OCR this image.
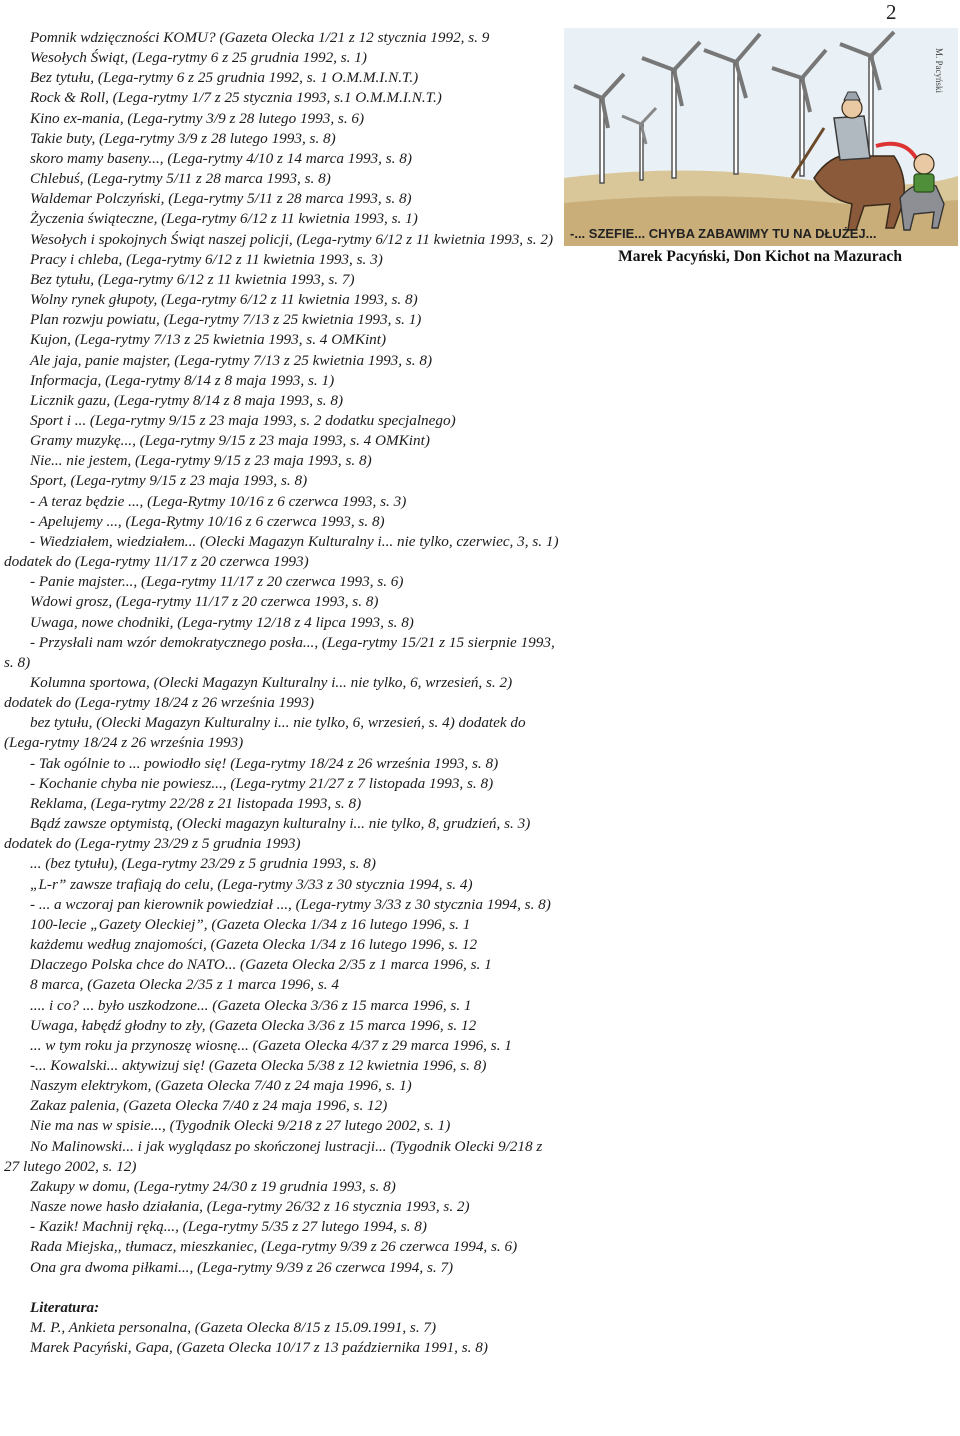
2

Pomnik wdzięczności KOMU? (Gazeta Olecka 1/21 z 12 stycznia 1992, s. 9

Wesołych Świąt, (Lega-rytmy 6 z 25 grudnia 1992, s. 1)

Bez tytułu, (Lega-rytmy 6 z 25 grudnia 1992, s. 1 O.M.M.I.N.T.)

Rock & Roll, (Lega-rytmy 1/7 z 25 stycznia 1993, s.1 O.M.M.I.N.T.)

Kino ex-mania, (Lega-rytmy 3/9 z 28 lutego 1993, s. 6)

Takie buty, (Lega-rytmy 3/9 z 28 lutego 1993, s. 8)

skoro mamy baseny..., (Lega-rytmy 4/10 z 14 marca 1993, s. 8)

Chlebuś, (Lega-rytmy 5/11 z 28 marca 1993, s. 8)

Waldemar Polczyński, (Lega-rytmy 5/11 z 28 marca 1993, s. 8)

Życzenia świąteczne, (Lega-rytmy 6/12 z 11 kwietnia 1993, s. 1)

Wesołych i spokojnych Świąt naszej policji, (Lega-rytmy 6/12 z 11 kwietnia 1993, s. 2)

Pracy i chleba, (Lega-rytmy 6/12 z 11 kwietnia 1993, s. 3)

Bez tytułu, (Lega-rytmy 6/12 z 11 kwietnia 1993, s. 7)

Wolny rynek głupoty, (Lega-rytmy 6/12 z 11 kwietnia 1993, s. 8)

Plan rozwju powiatu, (Lega-rytmy 7/13 z 25 kwietnia 1993, s. 1)

Kujon, (Lega-rytmy 7/13 z 25 kwietnia 1993, s. 4 OMKint)

Ale jaja, panie majster, (Lega-rytmy 7/13 z 25 kwietnia 1993, s. 8)

Informacja, (Lega-rytmy 8/14 z 8 maja 1993, s. 1)

Licznik gazu, (Lega-rytmy 8/14 z 8 maja 1993, s. 8)

Sport i ... (Lega-rytmy 9/15 z 23 maja 1993, s. 2 dodatku specjalnego)

Gramy muzykę..., (Lega-rytmy 9/15 z 23 maja 1993, s. 4 OMKint)

Nie... nie jestem, (Lega-rytmy 9/15 z 23 maja 1993, s. 8)

Sport, (Lega-rytmy 9/15 z 23 maja 1993, s. 8)

- A teraz będzie ..., (Lega-Rytmy 10/16 z 6 czerwca 1993, s. 3)

- Apelujemy ..., (Lega-Rytmy 10/16 z 6 czerwca 1993, s. 8)

- Wiedziałem, wiedziałem... (Olecki Magazyn Kulturalny i... nie tylko, czerwiec, 3, s. 1) dodatek do (Lega-rytmy 11/17 z 20 czerwca 1993)

- Panie majster..., (Lega-rytmy 11/17 z 20 czerwca 1993, s. 6)

Wdowi grosz, (Lega-rytmy 11/17 z 20 czerwca 1993, s. 8)

Uwaga, nowe chodniki, (Lega-rytmy 12/18 z 4 lipca 1993, s. 8)

- Przysłali nam wzór demokratycznego posła..., (Lega-rytmy 15/21 z 15 sierpnie 1993, s. 8)

Kolumna sportowa, (Olecki Magazyn Kulturalny i... nie tylko, 6, wrzesień, s. 2) dodatek do (Lega-rytmy 18/24 z 26 września 1993)

bez tytułu, (Olecki Magazyn Kulturalny i... nie tylko, 6, wrzesień, s. 4) dodatek do (Lega-rytmy 18/24 z 26 września 1993)

- Tak ogólnie to ... powiodło się! (Lega-rytmy 18/24 z 26 września 1993, s. 8)

- Kochanie chyba nie powiesz..., (Lega-rytmy 21/27 z 7 listopada 1993, s. 8)

Reklama, (Lega-rytmy 22/28 z 21 listopada 1993, s. 8)

Bądź zawsze optymistą, (Olecki magazyn kulturalny i... nie tylko, 8, grudzień, s. 3) dodatek do (Lega-rytmy 23/29 z 5 grudnia 1993)

... (bez tytułu), (Lega-rytmy 23/29 z 5 grudnia 1993, s. 8)

„L-r” zawsze trafiają do celu, (Lega-rytmy 3/33 z 30 stycznia 1994, s. 4)

- ... a wczoraj pan kierownik powiedział ..., (Lega-rytmy 3/33 z 30 stycznia 1994, s. 8)

100-lecie „Gazety Oleckiej”, (Gazeta Olecka 1/34 z 16 lutego 1996, s. 1

każdemu według znajomości, (Gazeta Olecka 1/34 z 16 lutego 1996, s. 12

Dlaczego Polska chce do NATO... (Gazeta Olecka 2/35 z 1 marca 1996, s. 1

8 marca, (Gazeta Olecka 2/35 z 1 marca 1996, s. 4

.... i co? ... było uszkodzone... (Gazeta Olecka 3/36 z 15 marca 1996, s. 1

Uwaga, łabędź głodny to zły, (Gazeta Olecka 3/36 z 15 marca 1996, s. 12

... w tym roku ja przynoszę wiosnę... (Gazeta Olecka 4/37 z 29 marca 1996, s. 1

-... Kowalski... aktywizuj się! (Gazeta Olecka 5/38 z 12 kwietnia 1996, s. 8)

Naszym elektrykom, (Gazeta Olecka 7/40 z 24 maja 1996, s. 1)

Zakaz palenia, (Gazeta Olecka 7/40 z 24 maja 1996, s. 12)

Nie ma nas w spisie..., (Tygodnik Olecki 9/218 z 27 lutego 2002, s. 1)

No Malinowski... i jak wyglądasz po skończonej lustracji... (Tygodnik Olecki 9/218 z 27 lutego 2002, s. 12)

Zakupy w domu, (Lega-rytmy 24/30 z 19 grudnia 1993, s. 8)

Nasze nowe hasło działania, (Lega-rytmy 26/32 z 16 stycznia 1993, s. 2)

- Kazik! Machnij ręką..., (Lega-rytmy 5/35 z 27 lutego 1994, s. 8)

Rada Miejska,, tłumacz, mieszkaniec, (Lega-rytmy 9/39 z 26 czerwca 1994, s. 6)

Ona gra dwoma piłkami..., (Lega-rytmy 9/39 z 26 czerwca 1994, s. 7)

Literatura:

M. P., Ankieta personalna, (Gazeta Olecka 8/15 z 15.09.1991, s. 7)

Marek Pacyński, Gapa, (Gazeta Olecka 10/17 z 13 października 1991, s. 8)

M. Pacyński
-... SZEFIE... CHYBA ZABAWIMY TU NA DŁUŻEJ...
Marek Pacyński, Don Kichot na Mazurach
